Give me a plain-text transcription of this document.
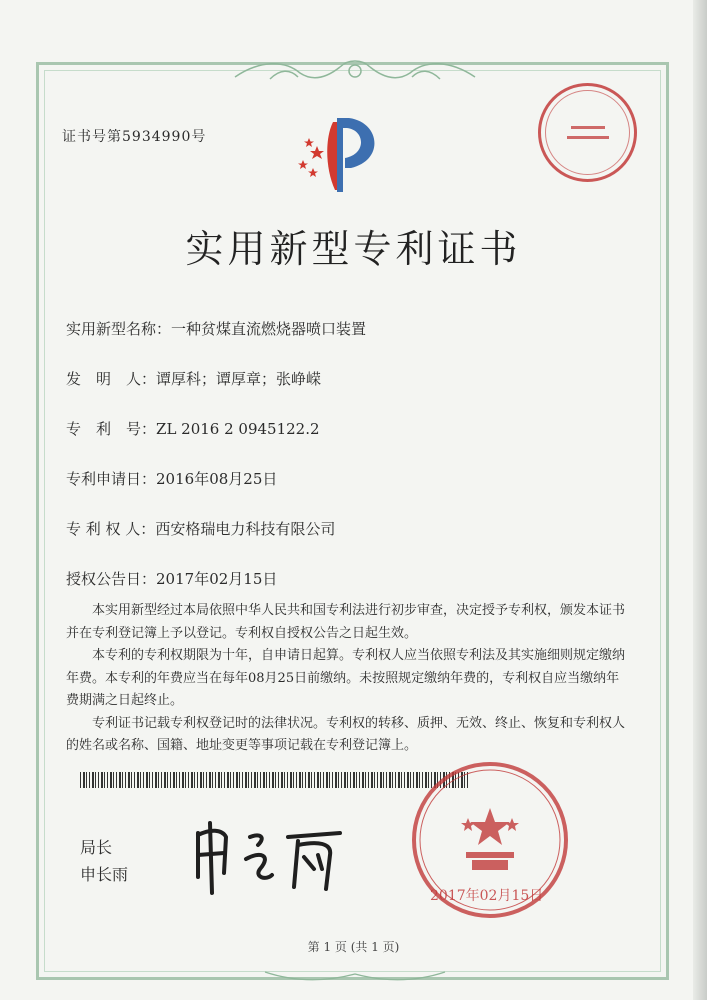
证书号第5934990号
实用新型专利证书
实用新型名称：一种贫煤直流燃烧器喷口装置
发　明　人：谭厚科；谭厚章；张峥嵘
专　利　号：ZL 2016 2 0945122.2
专利申请日：2016年08月25日
专 利 权 人：西安格瑞电力科技有限公司
授权公告日：2017年02月15日

本实用新型经过本局依照中华人民共和国专利法进行初步审查，决定授予专利权，颁发本证书并在专利登记簿上予以登记。专利权自授权公告之日起生效。

本专利的专利权期限为十年，自申请日起算。专利权人应当依照专利法及其实施细则规定缴纳年费。本专利的年费应当在每年08月25日前缴纳。未按照规定缴纳年费的，专利权自应当缴纳年费期满之日起终止。

专利证书记载专利权登记时的法律状况。专利权的转移、质押、无效、终止、恢复和专利权人的姓名或名称、国籍、地址变更等事项记载在专利登记簿上。

局长
申长雨
2017年02月15日
第 1 页 (共 1 页)
